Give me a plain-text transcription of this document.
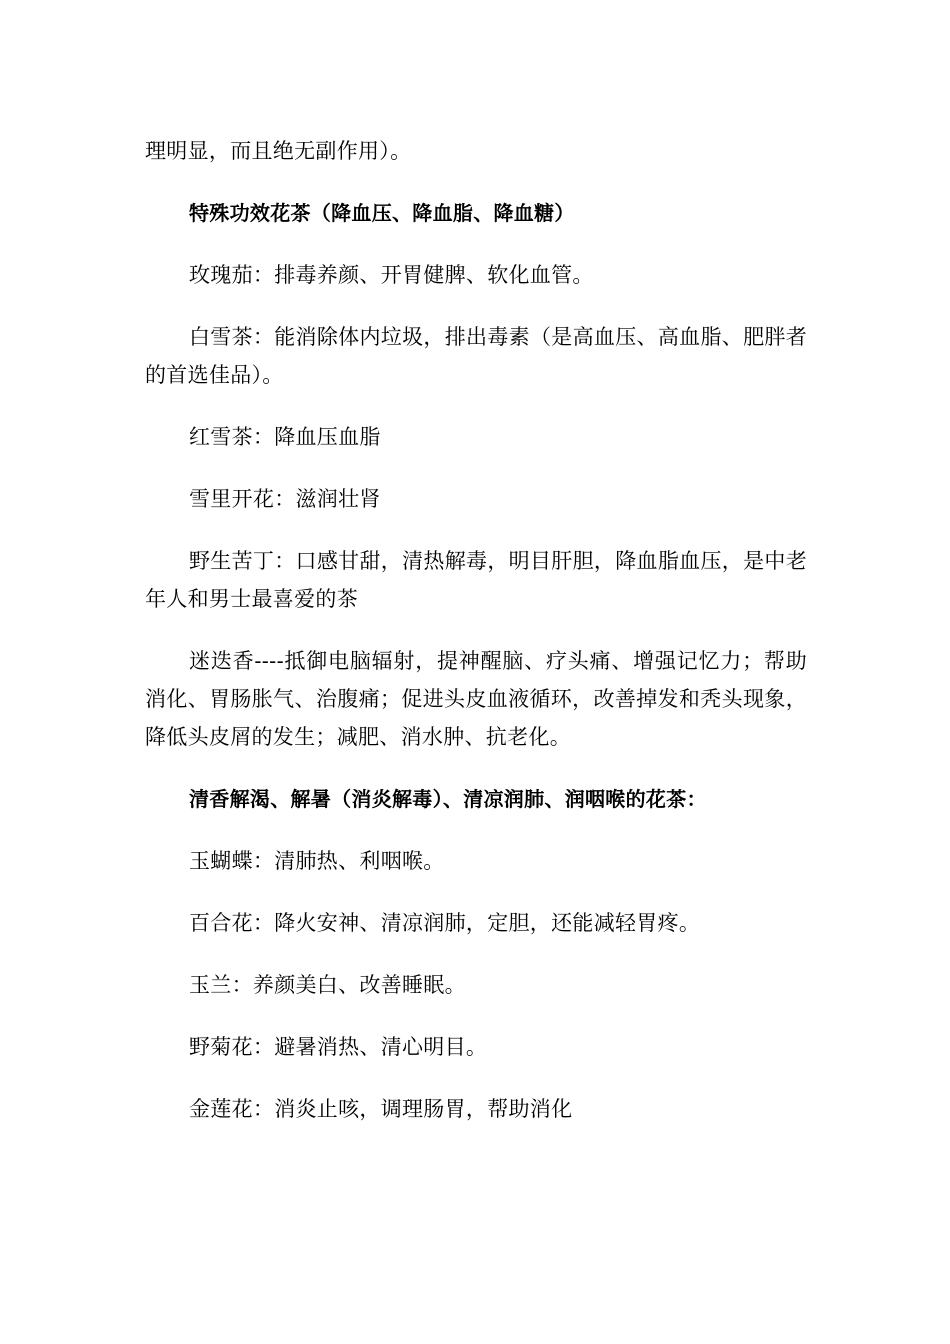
理明显，而且绝无副作用）。

特殊功效花茶（降血压、降血脂、降血糖）

玫瑰茄：排毒养颜、开胃健脾、软化血管。

白雪茶：能消除体内垃圾，排出毒素（是高血压、高血脂、肥胖者的首选佳品）。

红雪茶：降血压血脂

雪里开花：滋润壮肾

野生苦丁：口感甘甜，清热解毒，明目肝胆，降血脂血压，是中老年人和男士最喜爱的茶

迷迭香----抵御电脑辐射，提神醒脑、疗头痛、增强记忆力；帮助消化、胃肠胀气、治腹痛；促进头皮血液循环，改善掉发和秃头现象，降低头皮屑的发生；减肥、消水肿、抗老化。

清香解渴、解暑（消炎解毒）、清凉润肺、润咽喉的花茶：

玉蝴蝶：清肺热、利咽喉。

百合花：降火安神、清凉润肺，定胆，还能减轻胃疼。

玉兰：养颜美白、改善睡眠。

野菊花：避暑消热、清心明目。

金莲花：消炎止咳，调理肠胃，帮助消化
